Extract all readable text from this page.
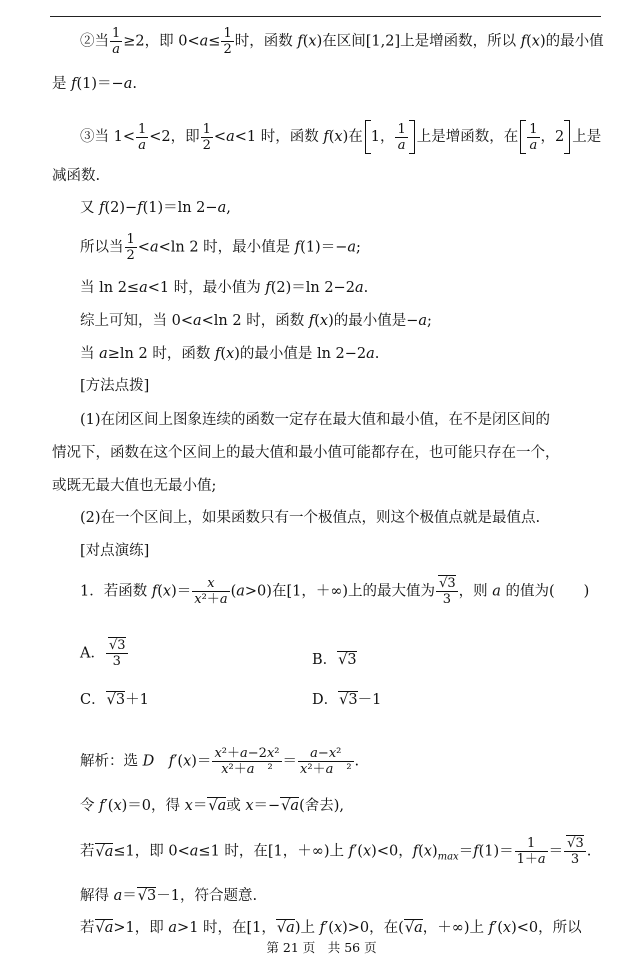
②当 $\frac{1}{a} \ge 2$，即 $0<a\le \frac{1}{2}$ 时，函数 f(x)在区间[1,2]上是增函数，所以 f(x)的最小值
是 f(1)＝−a.
③当 $1< \frac{1}{a} <2$，即 $\frac{1}{2} <a<1$ 时，函数 f(x)在 1， $\frac{1}{a}$ 上是增函数，在 $\frac{1}{a}$ ，2 上是
减函数.
又 f(2)−f(1)＝ln 2−a,
所以当 $\frac{1}{2} <a<\ln$ 2 时，最小值是 f(1)＝−a;
当 ln 2≤a<1 时，最小值为 f(2)＝ln 2−2a.
综上可知，当 0<a<ln 2 时，函数 f(x)的最小值是−a;
当 a≥ln 2 时，函数 f(x)的最小值是 ln 2−2a.
[方法点拨]
(1)在闭区间上图象连续的函数一定存在最大值和最小值，在不是闭区间的
情况下，函数在这个区间上的最大值和最小值可能都存在，也可能只存在一个，
或既无最大值也无最小值;
(2)在一个区间上，如果函数只有一个极值点，则这个极值点就是最值点.
[对点演练]
1．若函数 $f(x)= \frac{x}{\text{x²＋a}} (a>0)$在[1，＋∞)上的最大值为 √ $\frac{3}{3}$ ，则 a 的值为(　　)
A． √ $\frac{3}{3}$	B． √ 3
C． √ 3＋1	D． √ 3－1
解析：选 D　 $f'(x)= \frac{\text{x²＋a−2x²}}{\text{x²＋a　²}} = \frac{\text{a−x²}}{\text{x²＋a　²}}$ .
令 f′(x)＝0，得 x＝ √ a或 x＝− √ a(舍去),
若 √ a≤1，即 0<a≤1 时，在[1，＋∞)上 f′(x)<0，$f(x)_{max}=f(1)= \frac{1}{1+a}$ ＝ √ $\frac{3}{3}$ .
解得 a＝ √ 3－1，符合题意.
若 √ a>1，即 a>1 时，在[1， √ a)上 f′(x)>0，在( √ a，＋∞)上 f′(x)<0，所以
第 21 页　共 56 页
